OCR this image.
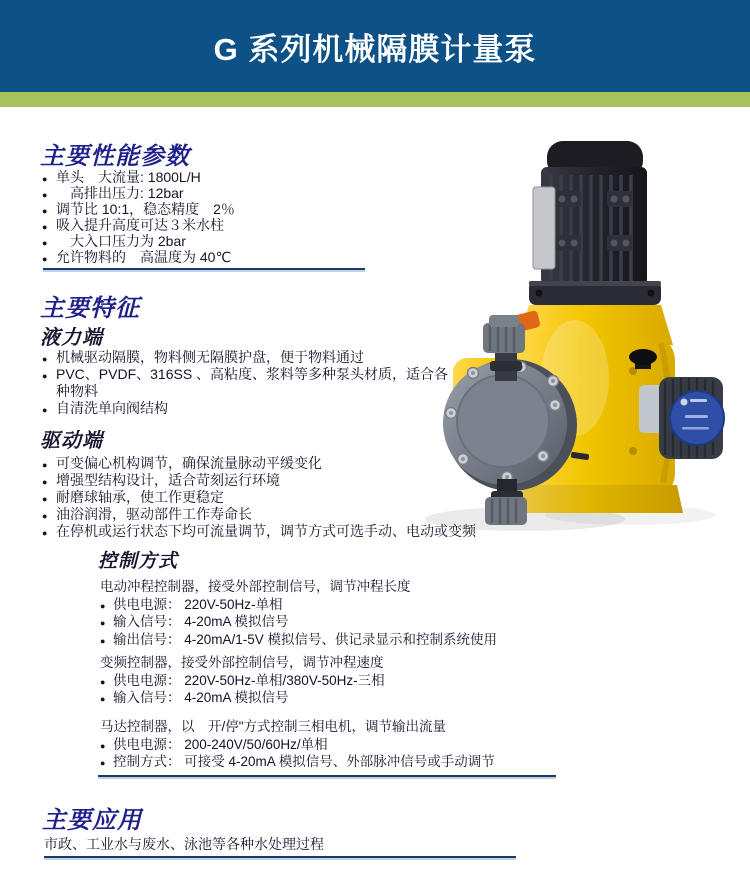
G 系列机械隔膜计量泵
主要性能参数
● 单头　大流量: 1800L/H
● 　高排出压力: 12bar
● 调节比 10:1，稳态精度　2％
● 吸入提升高度可达３米水柱
● 　大入口压力为 2bar
● 允许物料的　高温度为 40℃
主要特征
液力端
● 机械驱动隔膜，物料侧无隔膜护盘，便于物料通过
● PVC、PVDF、316SS 、高粘度、浆料等多种泵头材质，适合各种物料
● 自清洗单向阀结构
驱动端
● 可变偏心机构调节，确保流量脉动平缓变化
● 增强型结构设计，适合苛刻运行环境
● 耐磨球轴承，使工作更稳定
● 油浴润滑，驱动部件工作寿命长
● 在停机或运行状态下均可流量调节，调节方式可选手动、电动或变频
控制方式

电动冲程控制器，接受外部控制信号，调节冲程长度

● 供电电源： 220V-50Hz-单相
● 输入信号： 4-20mA 模拟信号
● 输出信号： 4-20mA/1-5V 模拟信号、供记录显示和控制系统使用

变频控制器，接受外部控制信号，调节冲程速度

● 供电电源： 220V-50Hz-单相/380V-50Hz-三相
● 输入信号： 4-20mA 模拟信号

马达控制器，以　开/停"方式控制三相电机，调节输出流量

● 供电电源： 200-240V/50/60Hz/单相
● 控制方式： 可接受 4-20mA 模拟信号、外部脉冲信号或手动调节
主要应用
市政、工业水与废水、泳池等各种水处理过程
